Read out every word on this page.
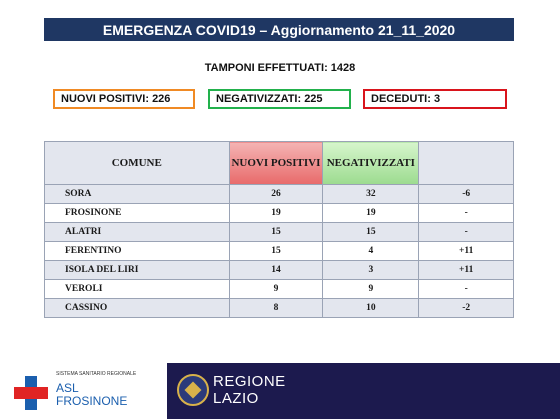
EMERGENZA COVID19 – Aggiornamento 21_11_2020
TAMPONI EFFETTUATI: 1428
NUOVI POSITIVI: 226	NEGATIVIZZATI: 225	DECEDUTI: 3
COMUNE	NUOVI POSITIVI	NEGATIVIZZATI	
SORA	26	32	-6
FROSINONE	19	19	-
ALATRI	15	15	-
FERENTINO	15	4	+11
ISOLA DEL LIRI	14	3	+11
VEROLI	9	9	-
CASSINO	8	10	-2
SISTEMA SANITARIO REGIONALE
ASL
FROSINONE
REGIONE
LAZIO
